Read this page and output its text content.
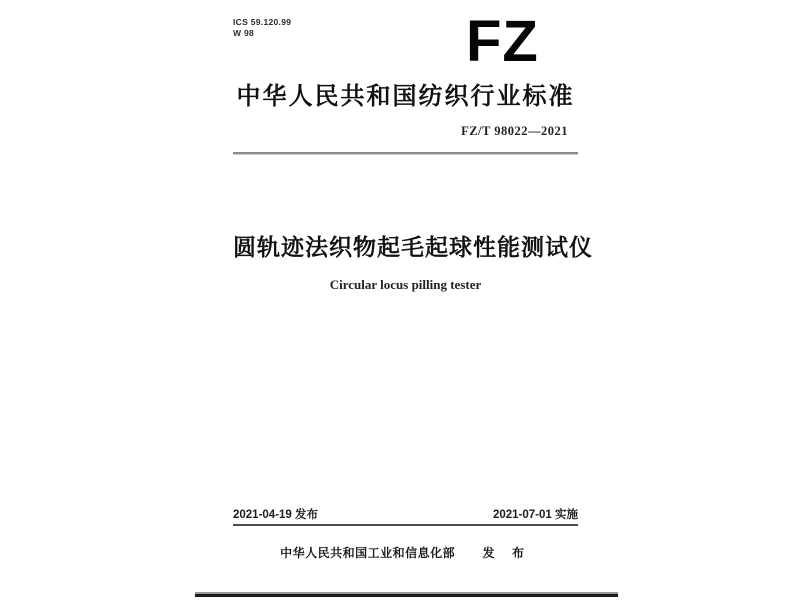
ICS 59.120.99
W 98	FZ
中华人民共和国纺织行业标准
FZ/T 98022—2021
圆轨迹法织物起毛起球性能测试仪
Circular locus pilling tester
2021-04-19 发布	2021-07-01 实施
中华人民共和国工业和信息化部 发 布
